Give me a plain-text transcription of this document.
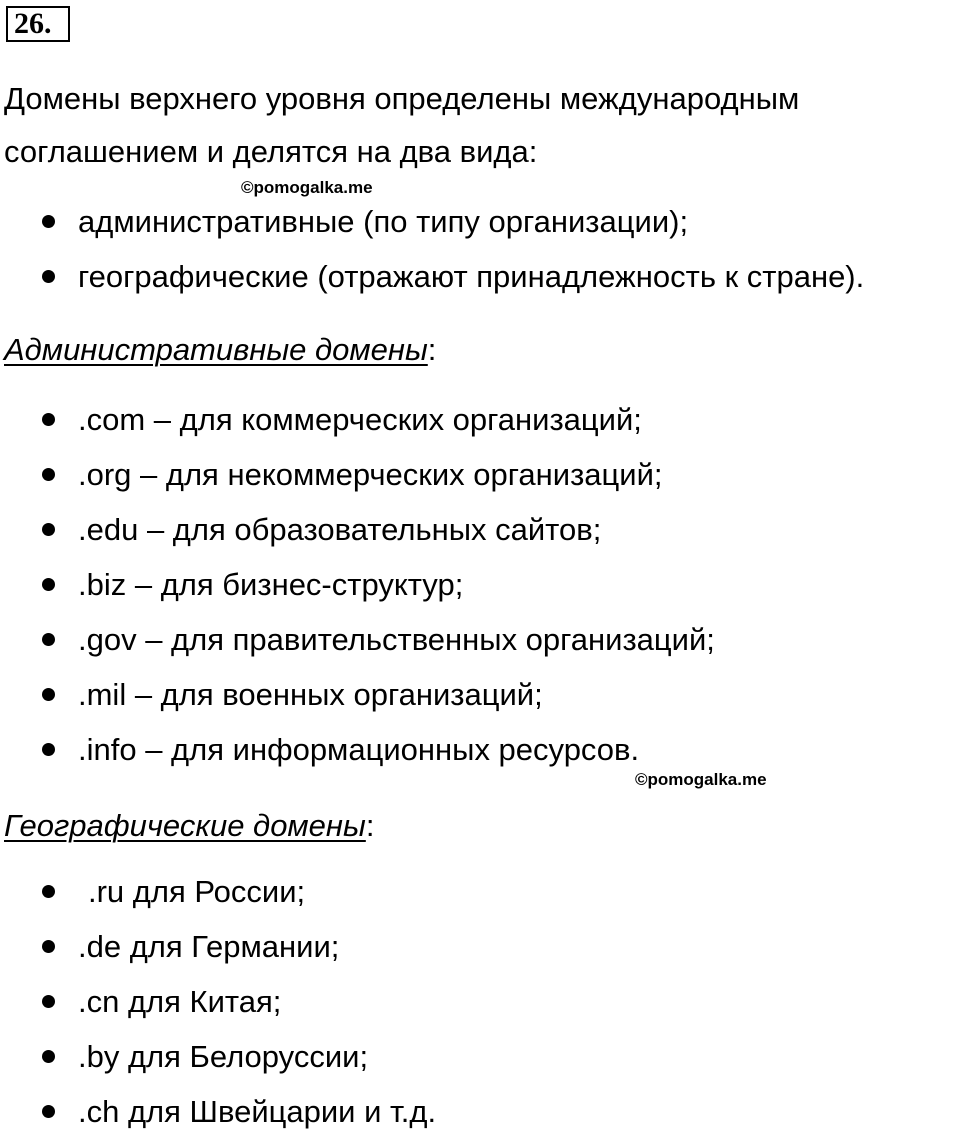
26.

Домены верхнего уровня определены международным
соглашением и делятся на два вида:

©pomogalka.me
административные (по типу организации);
географические (отражают принадлежность к стране).
Административные домены:
.com – для коммерческих организаций;
.org – для некоммерческих организаций;
.edu – для образовательных сайтов;
.biz – для бизнес-структур;
.gov – для правительственных организаций;
.mil – для военных организаций;
.info – для информационных ресурсов.
©pomogalka.me
Географические домены:
.ru для России;
.de для Германии;
.cn для Китая;
.by для Белоруссии;
.ch для Швейцарии и т.д.
